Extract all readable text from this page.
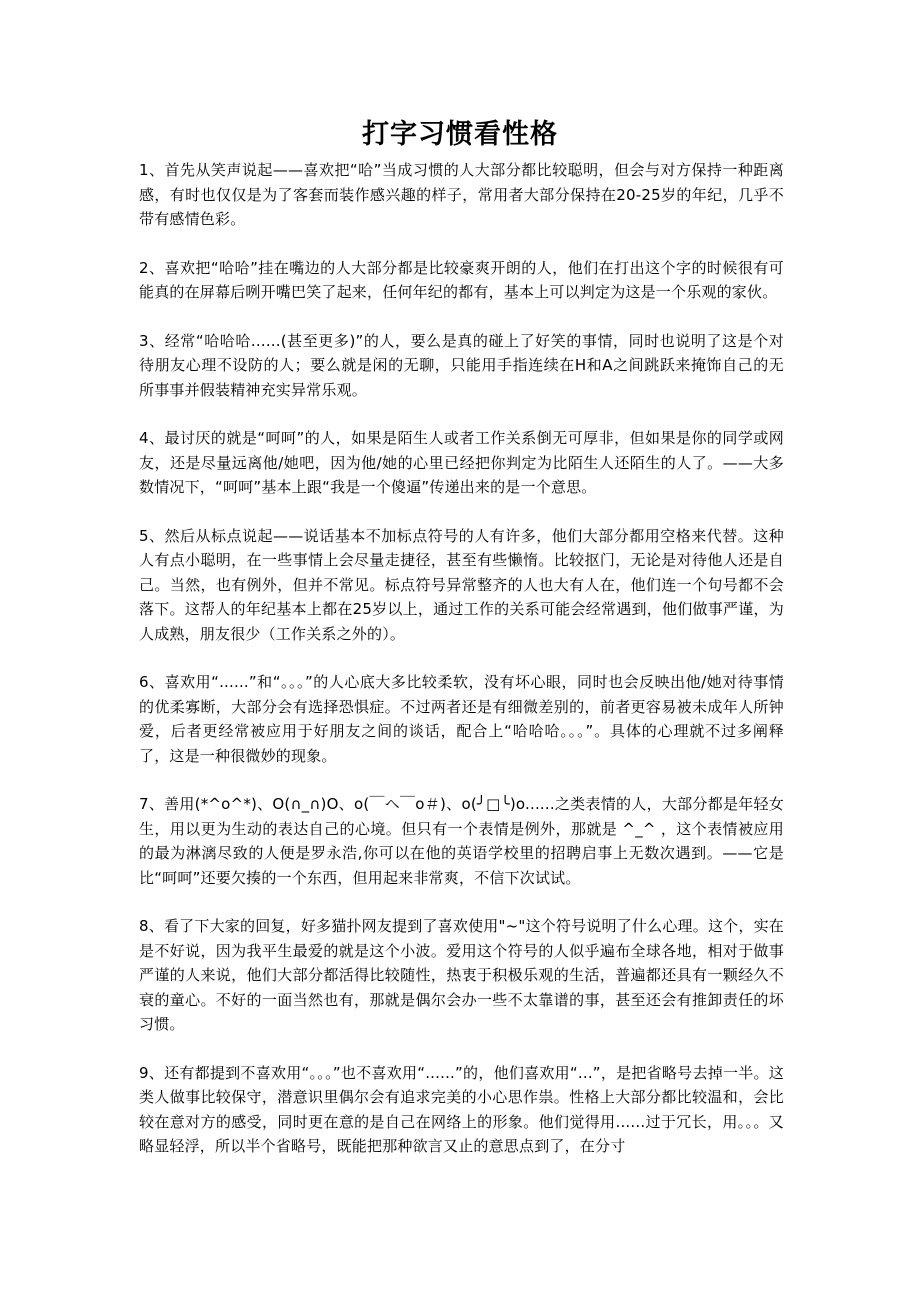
打字习惯看性格

1、首先从笑声说起——喜欢把“哈”当成习惯的人大部分都比较聪明，但会与对方保持一种距离感，有时也仅仅是为了客套而装作感兴趣的样子，常用者大部分保持在20-25岁的年纪，几乎不带有感情色彩。

2、喜欢把“哈哈”挂在嘴边的人大部分都是比较豪爽开朗的人，他们在打出这个字的时候很有可能真的在屏幕后咧开嘴巴笑了起来，任何年纪的都有，基本上可以判定为这是一个乐观的家伙。

3、经常“哈哈哈......(甚至更多)”的人，要么是真的碰上了好笑的事情，同时也说明了这是个对待朋友心理不设防的人；要么就是闲的无聊，只能用手指连续在H和A之间跳跃来掩饰自己的无所事事并假装精神充实异常乐观。

4、最讨厌的就是“呵呵”的人，如果是陌生人或者工作关系倒无可厚非，但如果是你的同学或网友，还是尽量远离他/她吧，因为他/她的心里已经把你判定为比陌生人还陌生的人了。——大多数情况下，“呵呵”基本上跟“我是一个傻逼”传递出来的是一个意思。

5、然后从标点说起——说话基本不加标点符号的人有许多，他们大部分都用空格来代替。这种人有点小聪明，在一些事情上会尽量走捷径，甚至有些懒惰。比较抠门，无论是对待他人还是自己。当然，也有例外，但并不常见。标点符号异常整齐的人也大有人在，他们连一个句号都不会落下。这帮人的年纪基本上都在25岁以上，通过工作的关系可能会经常遇到，他们做事严谨，为人成熟，朋友很少（工作关系之外的）。

6、喜欢用“......”和“。。。”的人心底大多比较柔软，没有坏心眼，同时也会反映出他/她对待事情的优柔寡断，大部分会有选择恐惧症。不过两者还是有细微差别的，前者更容易被未成年人所钟爱，后者更经常被应用于好朋友之间的谈话，配合上“哈哈哈。。。”。具体的心理就不过多阐释了，这是一种很微妙的现象。

7、善用(*^o^*)、O(∩_∩)O、o(￣ヘ￣o＃)、o(╯□╰)o......之类表情的人，大部分都是年轻女生，用以更为生动的表达自己的心境。但只有一个表情是例外，那就是 ^_^ ，这个表情被应用的最为淋漓尽致的人便是罗永浩,你可以在他的英语学校里的招聘启事上无数次遇到。——它是比“呵呵”还要欠揍的一个东西，但用起来非常爽，不信下次试试。

8、看了下大家的回复，好多猫扑网友提到了喜欢使用"~"这个符号说明了什么心理。这个，实在是不好说，因为我平生最爱的就是这个小波。爱用这个符号的人似乎遍布全球各地，相对于做事严谨的人来说，他们大部分都活得比较随性，热衷于积极乐观的生活，普遍都还具有一颗经久不衰的童心。不好的一面当然也有，那就是偶尔会办一些不太靠谱的事，甚至还会有推卸责任的坏习惯。

9、还有都提到不喜欢用“。。。”也不喜欢用“......”的，他们喜欢用“...”，是把省略号去掉一半。这类人做事比较保守，潜意识里偶尔会有追求完美的小心思作祟。性格上大部分都比较温和，会比较在意对方的感受，同时更在意的是自己在网络上的形象。他们觉得用......过于冗长，用。。。又略显轻浮，所以半个省略号，既能把那种欲言又止的意思点到了，在分寸
